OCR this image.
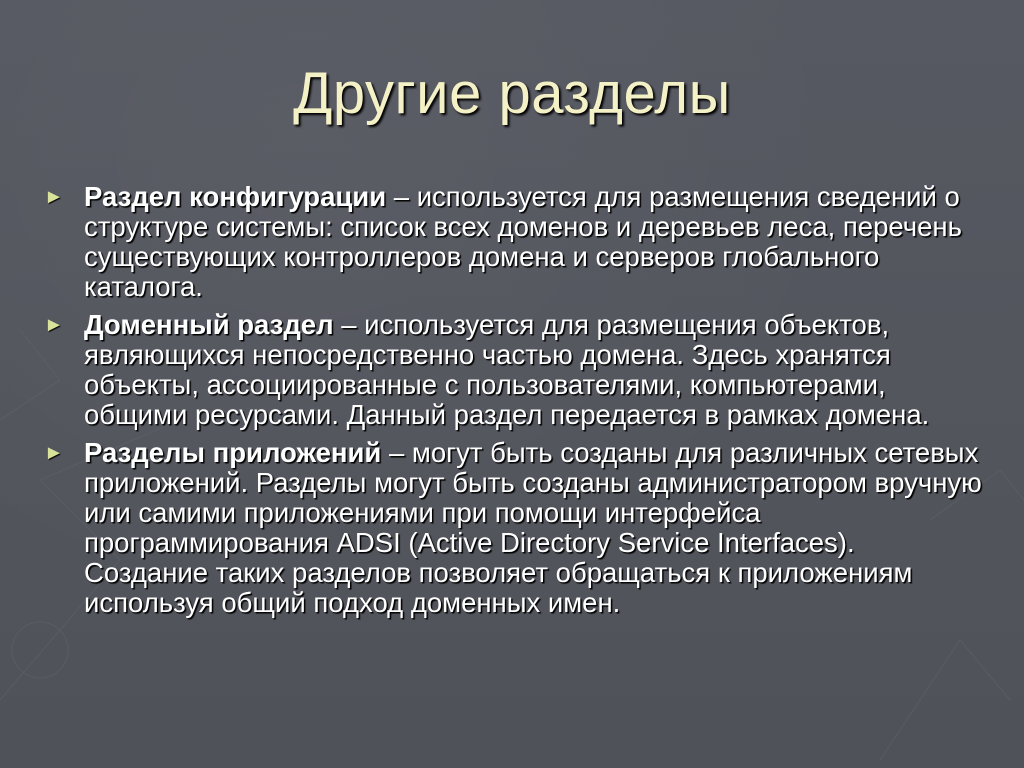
Другие разделы
► Раздел конфигурации – используется для размещения сведений о структуре системы: список всех доменов и деревьев леса, перечень существующих контроллеров домена и серверов глобального каталога.
► Доменный раздел – используется для размещения объектов, являющихся непосредственно частью домена. Здесь хранятся объекты, ассоциированные с пользователями, компьютерами, общими ресурсами. Данный раздел передается в рамках домена.
► Разделы приложений – могут быть созданы для различных сетевых приложений. Разделы могут быть созданы администратором вручную или самими приложениями при помощи интерфейса программирования ADSI (Active Directory Service Interfaces). Создание таких разделов позволяет обращаться к приложениям используя общий подход доменных имен.
